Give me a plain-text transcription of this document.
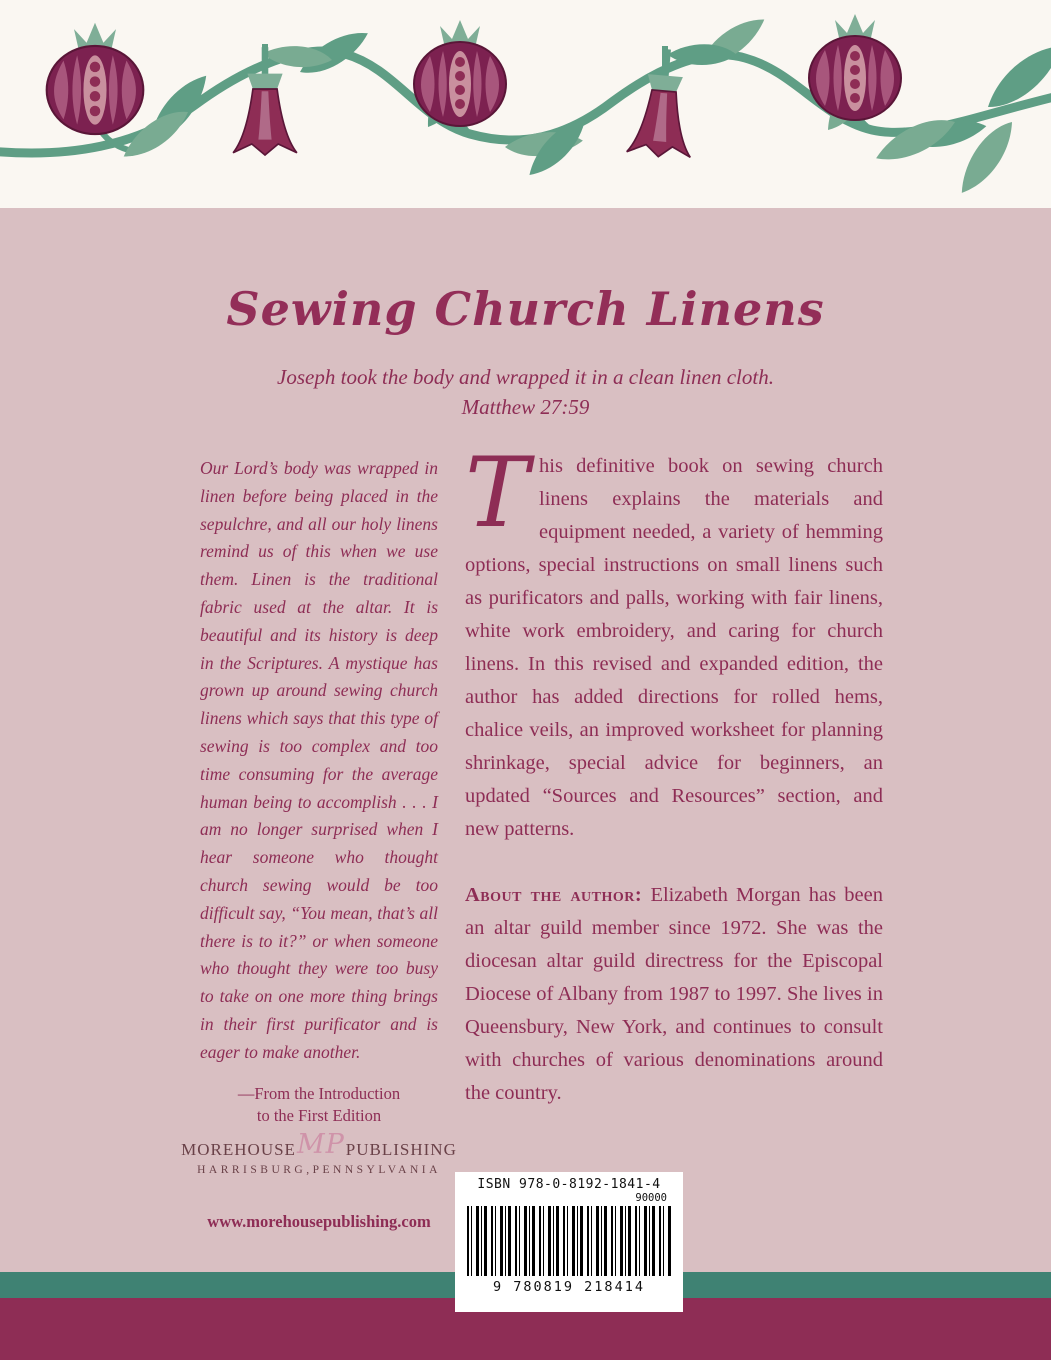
Sewing Church Linens
Joseph took the body and wrapped it in a clean linen cloth.
Matthew 27:59

Our Lord’s body was wrapped in linen before being placed in the sepulchre, and all our holy linens remind us of this when we use them. Linen is the traditional fabric used at the altar. It is beautiful and its history is deep in the Scriptures. A mystique has grown up around sewing church linens which says that this type of sewing is too complex and too time consuming for the average human being to accomplish . . . I am no longer surprised when I hear someone who thought church sewing would be too difficult say, “You mean, that’s all there is to it?” or when someone who thought they were too busy to take on one more thing brings in their first purificator and is eager to make another.

—From the Introduction
to the First Edition
MOREHOUSE MP PUBLISHING
HARRISBURG,PENNSYLVANIA
www.morehousepublishing.com

This definitive book on sewing church linens explains the materials and equipment needed, a variety of hemming options, special instructions on small linens such as purificators and palls, working with fair linens, white work embroidery, and caring for church linens. In this revised and expanded edition, the author has added directions for rolled hems, chalice veils, an improved worksheet for planning shrinkage, special advice for beginners, an updated “Sources and Resources” section, and new patterns.

About the author: Elizabeth Morgan has been an altar guild member since 1972. She was the diocesan altar guild directress for the Episcopal Diocese of Albany from 1987 to 1997. She lives in Queensbury, New York, and continues to consult with churches of various denominations around the country.

ISBN 978-0-8192-1841-4
90000
9 780819 218414
